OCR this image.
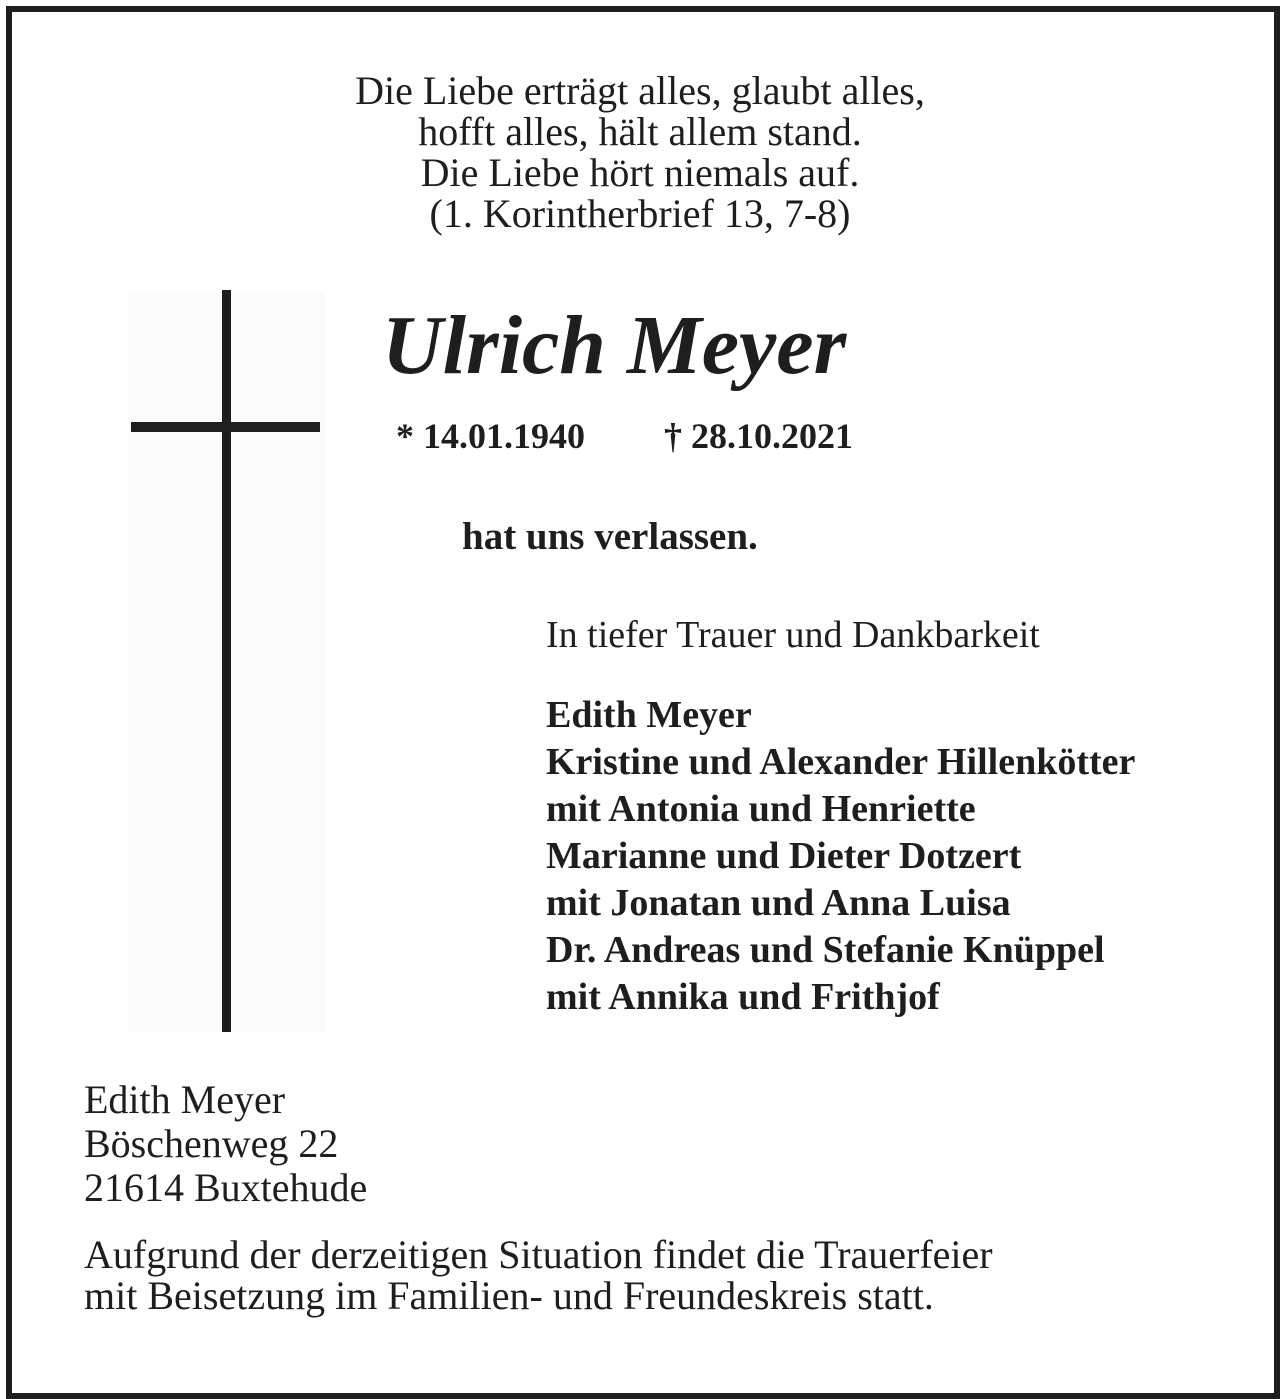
Die Liebe erträgt alles, glaubt alles,
hofft alles, hält allem stand.
Die Liebe hört niemals auf.
(1. Korintherbrief 13, 7-8)
Ulrich Meyer
* 14.01.1940 † 28.10.2021
hat uns verlassen.
In tiefer Trauer und Dankbarkeit
Edith Meyer
Kristine und Alexander Hillenkötter
mit Antonia und Henriette
Marianne und Dieter Dotzert
mit Jonatan und Anna Luisa
Dr. Andreas und Stefanie Knüppel
mit Annika und Frithjof
Edith Meyer
Böschenweg 22
21614 Buxtehude
Aufgrund der derzeitigen Situation findet die Trauerfeier
mit Beisetzung im Familien- und Freundeskreis statt.
